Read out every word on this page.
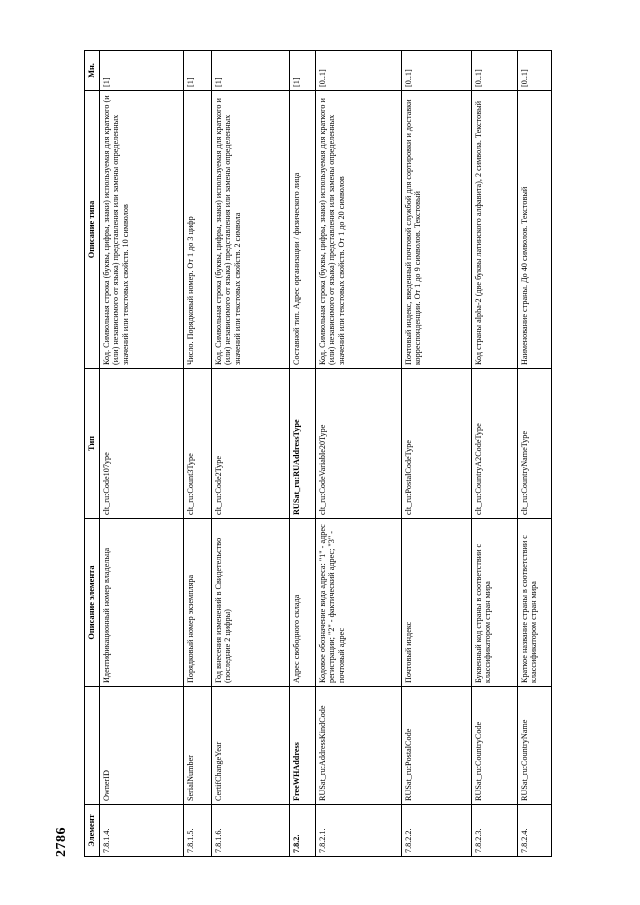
2786 Элемент		Описание элемента	Тип	Описание типа	Мн.
7.8.1.4.	OwnerID	Идентификационный номер владельца	clt_ru:Code107ype	Код. Символьная строка (буквы, цифры, знаки) используемая для краткого (и (или) независимого от языка) представления или замены определенных значений или текстовых свойств. 10 символов	[1]
7.8.1.5.	SerialNumber	Порядковый номер экземпляра	clt_ru:Count3Type	Число. Порядковый номер. От 1 до 3 цифр	[1]
7.8.1.6.	CertifChangeYear	Год внесения изменений в Свидетельство (последние 2 цифры)	clt_ru:Code2Type	Код. Символьная строка (буквы, цифры, знаки) используемая для краткого и (или) независимого от языка) представления или замены определенных значений или текстовых свойств. 2 символа	[1]
7.8.2.	FreeWHAddress	Адрес свободного склада	RUSat_ru:RUAddressType	Составной тип. Адрес организации / физического лица	[1]
7.8.2.1.	RUSat_ru:AddressKindCode	Кодовое обозначение вида адреса: "1" - адрес регистрации; "2" - фактический адрес; "3" - почтовый адрес	clt_ru:CodeVariable20Type	Код. Символьная строка (буквы, цифры, знаки) используемая для краткого и (или) независимого от языка) представления или замены определенных значений или текстовых свойств. От 1 до 20 символов	[0..1]
7.8.2.2.	RUSat_ru:PostalCode	Почтовый индекс	clt_ru:PostalCodeType	Почтовый индекс, введенный почтовой службой для сортировки и доставки корреспонденции. От 1 до 9 символов. Текстовый	[0..1]
7.8.2.3.	RUSat_ru:CountryCode	Буквенный код страны в соответствии с классификатором стран мира	clt_ru:CountryA2CodeType	Код страны alpha-2 (две буквы латинского алфавита), 2 символа. Текстовый	[0..1]
7.8.2.4.	RUSat_ru:CountryName	Краткое название страны в соответствии с классификатором стран мира	clt_ru:CountryNameType	Наименование страны. До 40 символов. Текстовый	[0..1]
